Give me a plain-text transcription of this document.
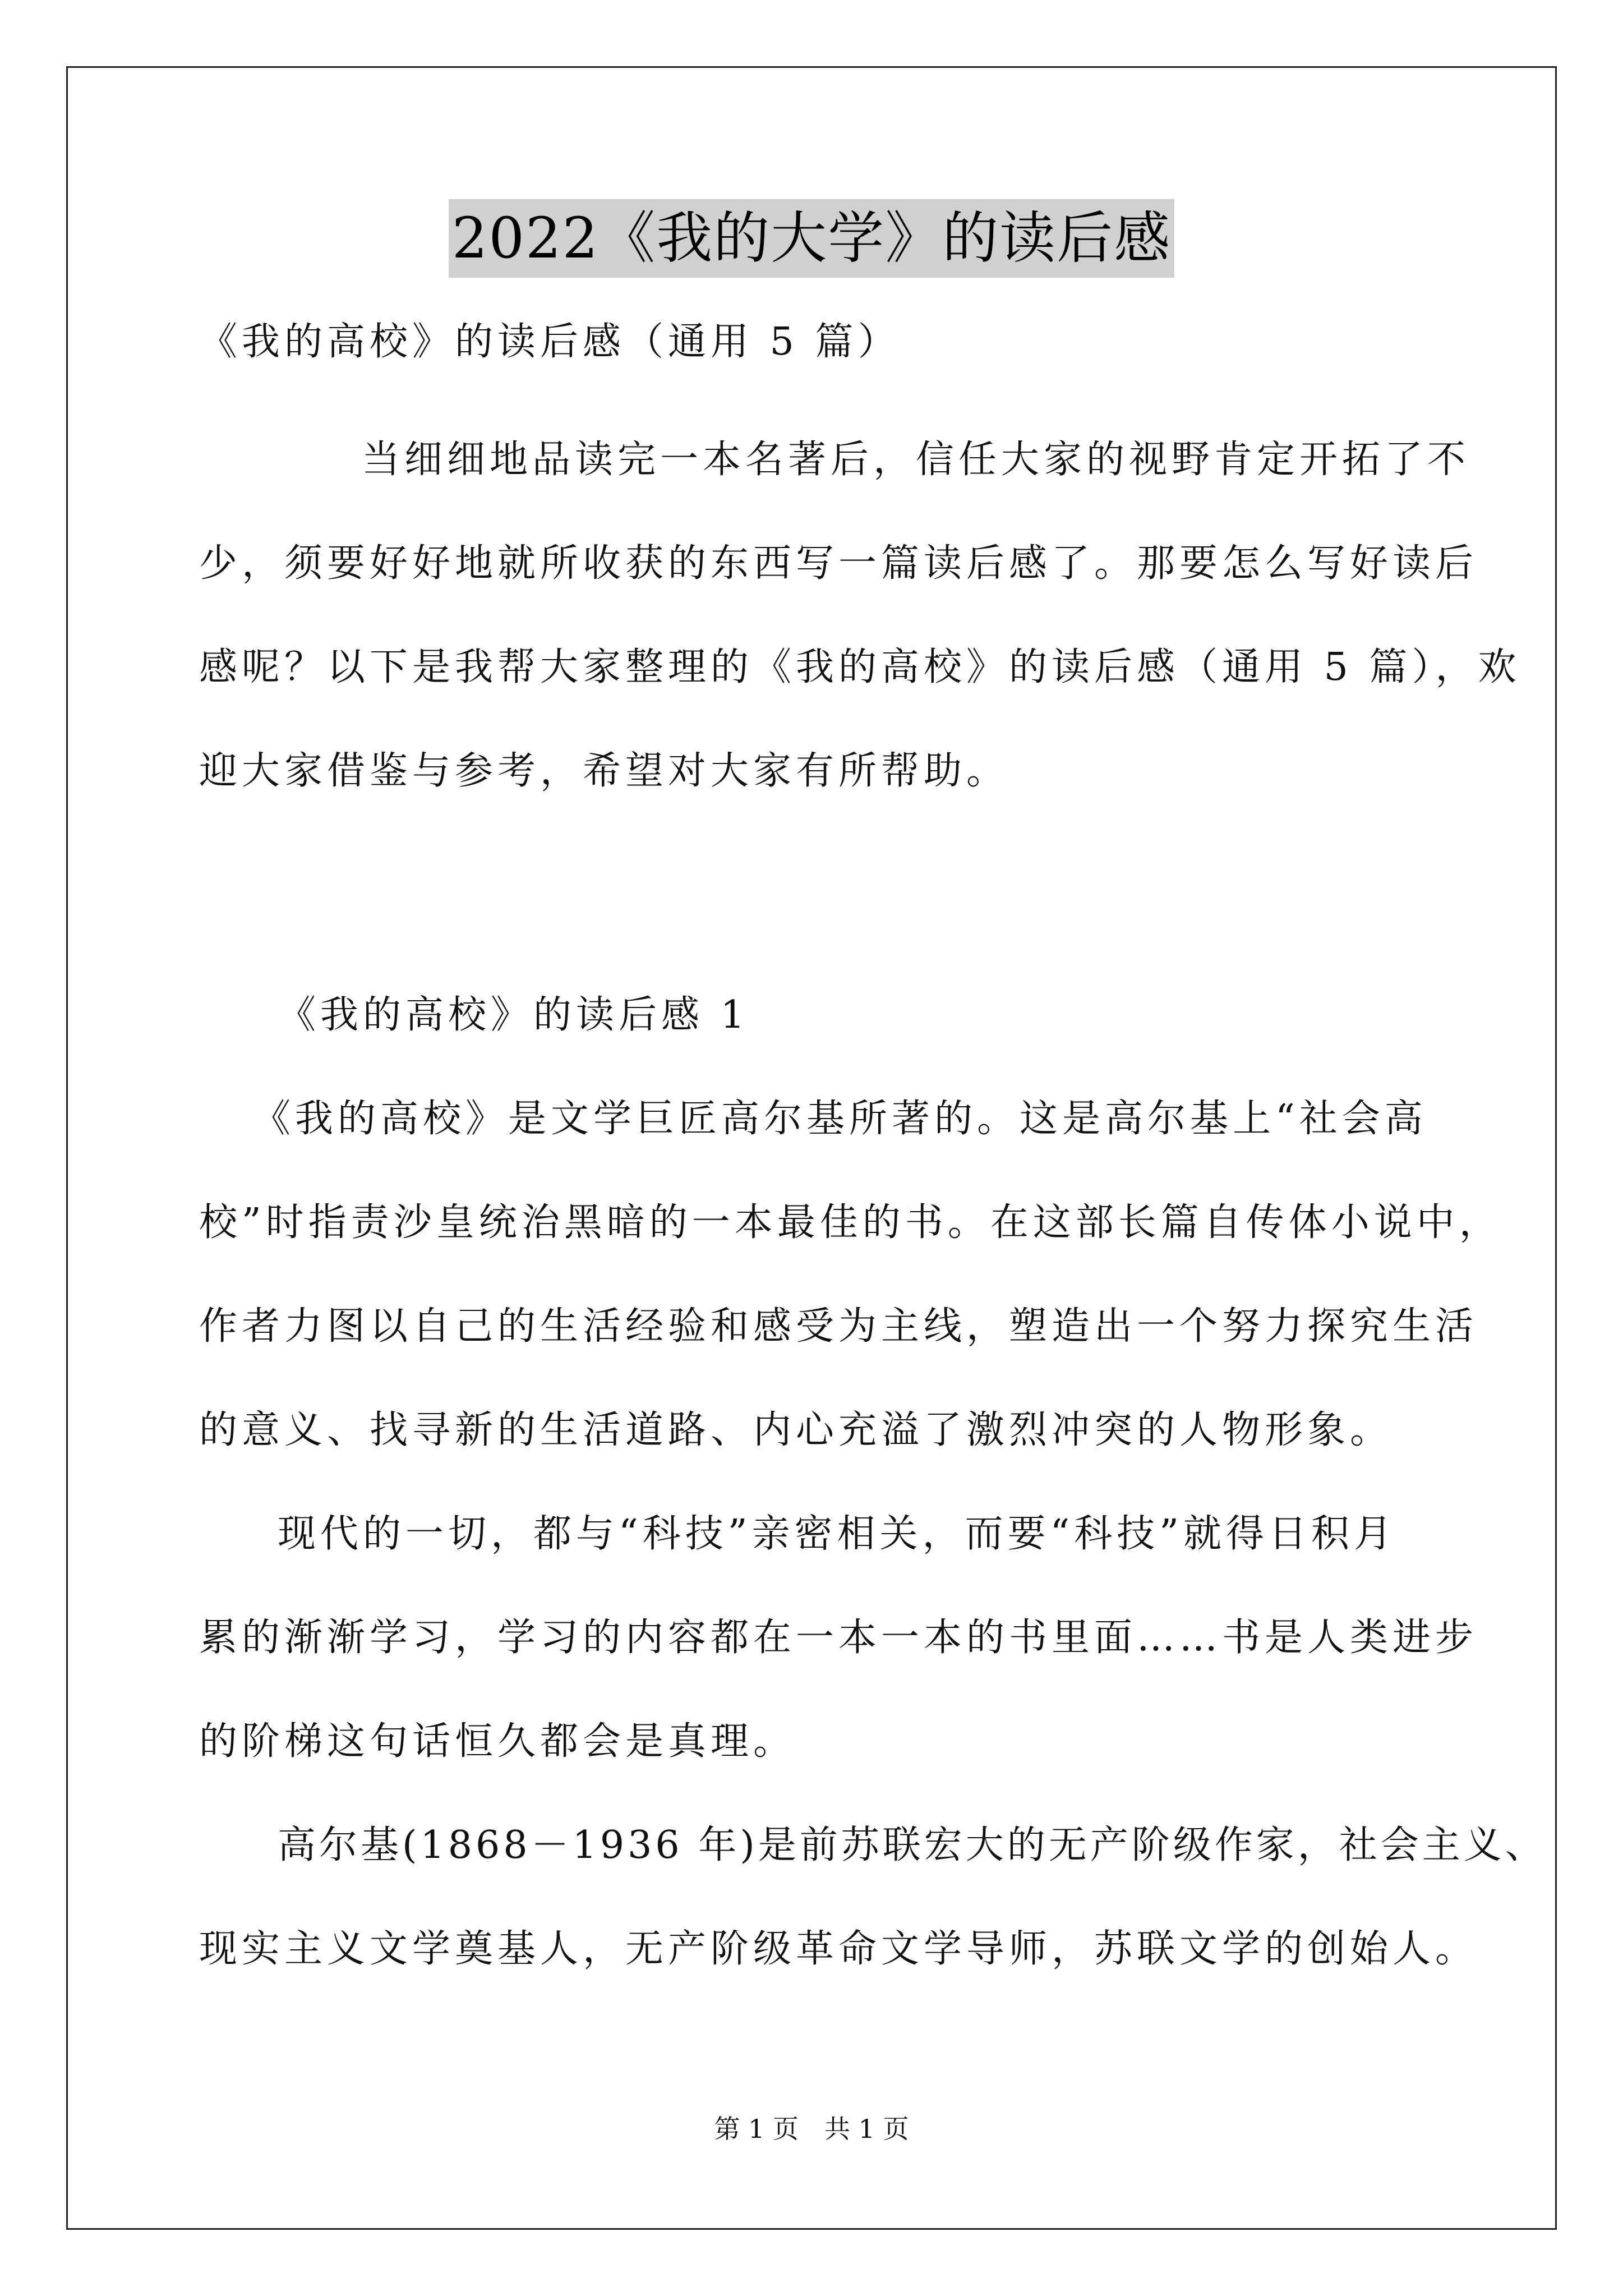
2022《我的大学》的读后感
《我的高校》的读后感（通用 5 篇）
当细细地品读完一本名著后，信任大家的视野肯定开拓了不
少，须要好好地就所收获的东西写一篇读后感了。那要怎么写好读后
感呢？以下是我帮大家整理的《我的高校》的读后感（通用 5 篇），欢
迎大家借鉴与参考，希望对大家有所帮助。
《我的高校》的读后感 1
《我的高校》是文学巨匠高尔基所著的。这是高尔基上“社会高
校”时指责沙皇统治黑暗的一本最佳的书。在这部长篇自传体小说中，
作者力图以自己的生活经验和感受为主线，塑造出一个努力探究生活
的意义、找寻新的生活道路、内心充溢了激烈冲突的人物形象。
现代的一切，都与“科技”亲密相关，而要“科技”就得日积月
累的渐渐学习，学习的内容都在一本一本的书里面……书是人类进步
的阶梯这句话恒久都会是真理。
高尔基(1868－1936 年)是前苏联宏大的无产阶级作家，社会主义、
现实主义文学奠基人，无产阶级革命文学导师，苏联文学的创始人。
第 1 页　共 1 页
